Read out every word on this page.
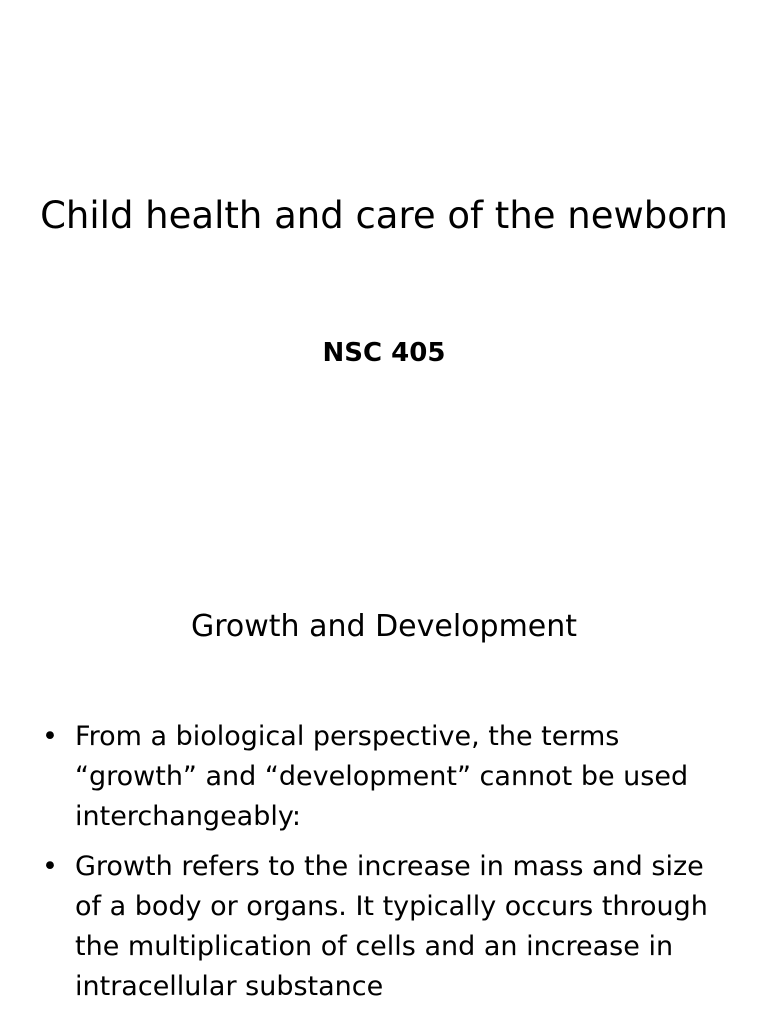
Child health and care of the newborn

NSC 405

Growth and Development
• From a biological perspective, the terms “growth” and “development” cannot be used interchangeably:
• Growth refers to the increase in mass and size of a body or organs. It typically occurs through the multiplication of cells and an increase in intracellular substance
